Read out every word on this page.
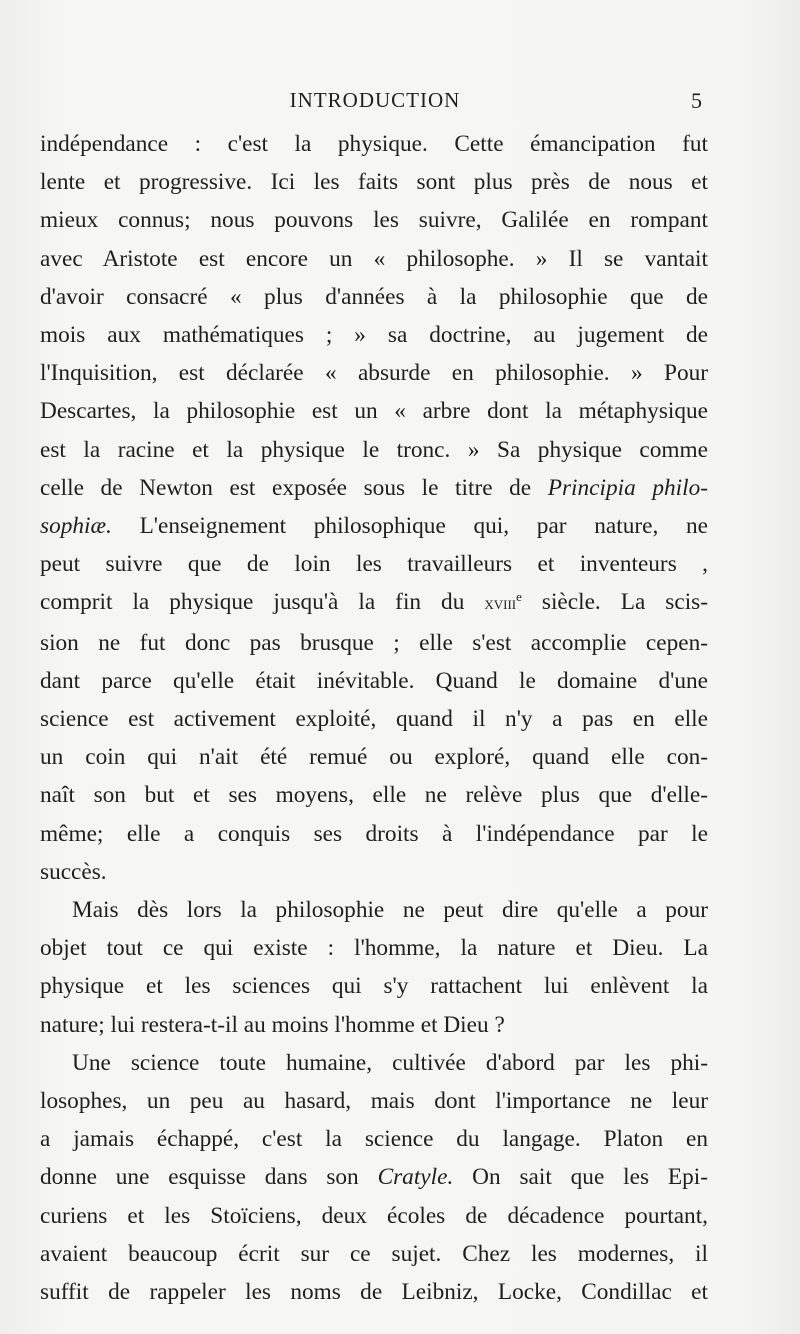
INTRODUCTION	5
indépendance : c'est la physique. Cette émancipation fut
lente et progressive. Ici les faits sont plus près de nous et
mieux connus; nous pouvons les suivre, Galilée en rompant
avec Aristote est encore un « philosophe. » Il se vantait
d'avoir consacré « plus d'années à la philosophie que de
mois aux mathématiques ; » sa doctrine, au jugement de
l'Inquisition, est déclarée « absurde en philosophie. » Pour
Descartes, la philosophie est un « arbre dont la métaphysique
est la racine et la physique le tronc. » Sa physique comme
celle de Newton est exposée sous le titre de Principia philo-
sophiæ. L'enseignement philosophique qui, par nature, ne
peut suivre que de loin les travailleurs et inventeurs ,
comprit la physique jusqu'à la fin du xviii$^e$ siècle. La scis-
sion ne fut donc pas brusque ; elle s'est accomplie cepen-
dant parce qu'elle était inévitable. Quand le domaine d'une
science est activement exploité, quand il n'y a pas en elle
un coin qui n'ait été remué ou exploré, quand elle con-
naît son but et ses moyens, elle ne relève plus que d'elle-
même; elle a conquis ses droits à l'indépendance par le
succès.
Mais dès lors la philosophie ne peut dire qu'elle a pour
objet tout ce qui existe : l'homme, la nature et Dieu. La
physique et les sciences qui s'y rattachent lui enlèvent la
nature; lui restera-t-il au moins l'homme et Dieu ?
Une science toute humaine, cultivée d'abord par les phi-
losophes, un peu au hasard, mais dont l'importance ne leur
a jamais échappé, c'est la science du langage. Platon en
donne une esquisse dans son Cratyle. On sait que les Epi-
curiens et les Stoïciens, deux écoles de décadence pourtant,
avaient beaucoup écrit sur ce sujet. Chez les modernes, il
suffit de rappeler les noms de Leibniz, Locke, Condillac et
